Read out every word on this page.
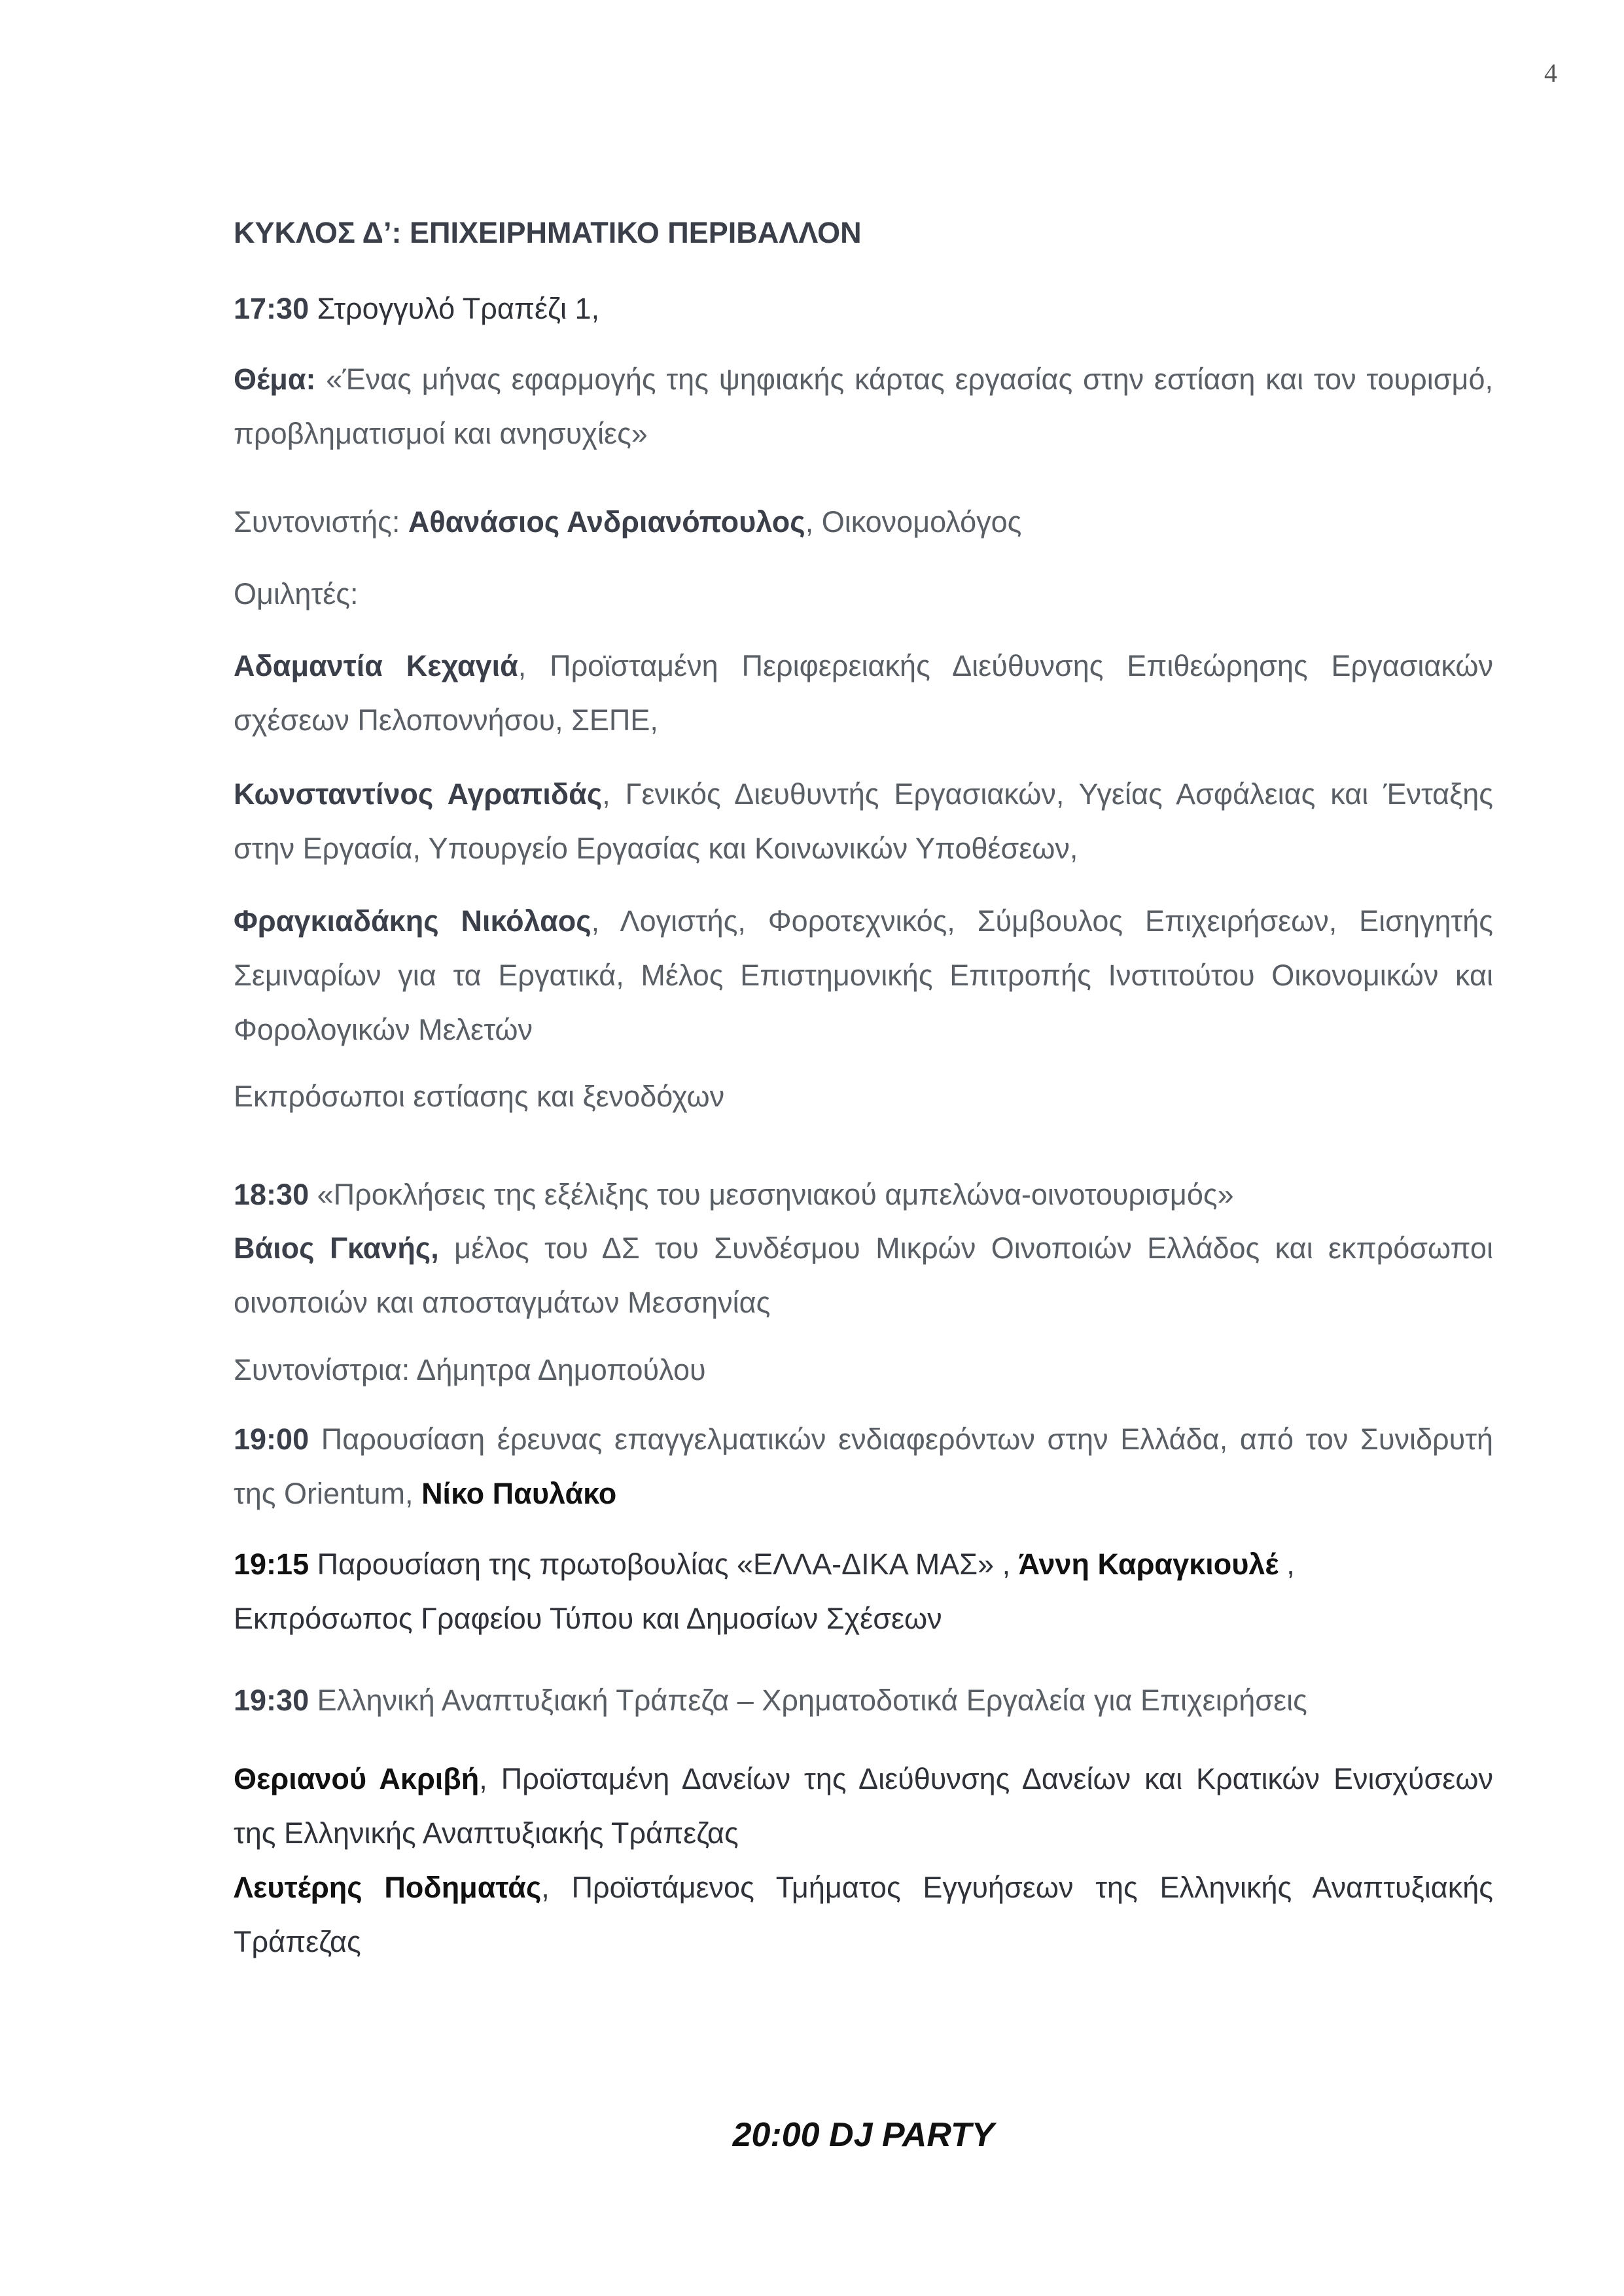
4

ΚΥΚΛΟΣ Δ’: ΕΠΙΧΕΙΡΗΜΑΤΙΚΟ ΠΕΡΙΒΑΛΛΟΝ

17:30 Στρογγυλό Τραπέζι 1,

Θέμα: «Ένας μήνας εφαρμογής της ψηφιακής κάρτας εργασίας στην εστίαση και τον τουρισμό, προβληματισμοί και ανησυχίες»

Συντονιστής: Αθανάσιος Ανδριανόπουλος, Οικονομολόγος

Ομιλητές:

Αδαμαντία Κεχαγιά, Προϊσταμένη Περιφερειακής Διεύθυνσης Επιθεώρησης Εργασιακών σχέσεων Πελοποννήσου, ΣΕΠΕ,

Κωνσταντίνος Αγραπιδάς, Γενικός Διευθυντής Εργασιακών, Υγείας Ασφάλειας και Ένταξης στην Εργασία, Υπουργείο Εργασίας και Κοινωνικών Υποθέσεων,

Φραγκιαδάκης Νικόλαος, Λογιστής, Φοροτεχνικός, Σύμβουλος Επιχειρήσεων, Εισηγητής Σεμιναρίων για τα Εργατικά, Μέλος Επιστημονικής Επιτροπής Ινστιτούτου Οικονομικών και Φορολογικών Μελετών

Εκπρόσωποι εστίασης και ξενοδόχων

18:30 «Προκλήσεις της εξέλιξης του μεσσηνιακού αμπελώνα-οινοτουρισμός»

Βάιος Γκανής, μέλος του ΔΣ του Συνδέσμου Μικρών Οινοποιών Ελλάδος και εκπρόσωποι οινοποιών και αποσταγμάτων Μεσσηνίας

Συντονίστρια: Δήμητρα Δημοπούλου

19:00 Παρουσίαση έρευνας επαγγελματικών ενδιαφερόντων στην Ελλάδα, από τον Συνιδρυτή της Orientum, Νίκο Παυλάκο

19:15 Παρουσίαση της πρωτοβουλίας «ΕΛΛΑ-ΔΙΚΑ ΜΑΣ» , Άννη Καραγκιουλέ ,
Εκπρόσωπος Γραφείου Τύπου και Δημοσίων Σχέσεων

19:30 Ελληνική Αναπτυξιακή Τράπεζα – Χρηματοδοτικά Εργαλεία για Επιχειρήσεις

Θεριανού Ακριβή, Προϊσταμένη Δανείων της Διεύθυνσης Δανείων και Κρατικών Ενισχύσεων της Ελληνικής Αναπτυξιακής Τράπεζας

Λευτέρης Ποδηματάς, Προϊστάμενος Τμήματος Εγγυήσεων της Ελληνικής Αναπτυξιακής Τράπεζας

20:00 DJ PARTY
